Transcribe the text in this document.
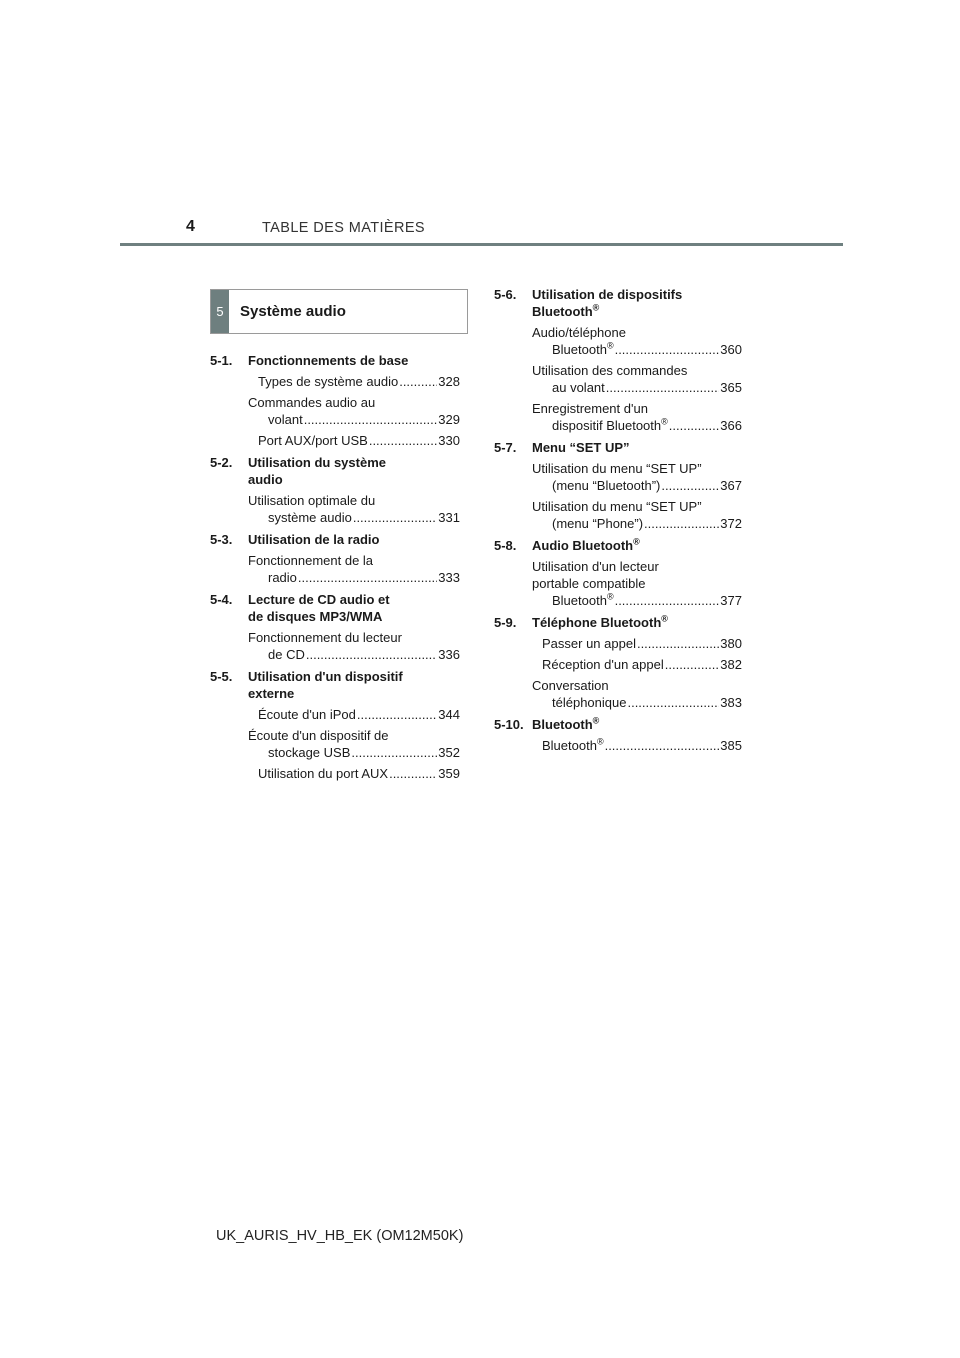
4	TABLE DES MATIÈRES
5	Système audio
5-1.	Fonctionnements de base
Types de système audio .....	328
Commandes audio au
volant .....	329
Port AUX/port USB .....	330
5-2.	Utilisation du système
audio
Utilisation optimale du
système audio .....	331
5-3.	Utilisation de la radio
Fonctionnement de la
radio .....	333
5-4.	Lecture de CD audio et
de disques MP3/WMA
Fonctionnement du lecteur
de CD .....	336
5-5.	Utilisation d'un dispositif
externe
Écoute d'un iPod .....	344
Écoute d'un dispositif de
stockage USB .....	352
Utilisation du port AUX .....	359
5-6.	Utilisation de dispositifs
Bluetooth®
Audio/téléphone
Bluetooth® .....	360
Utilisation des commandes
au volant .....	365
Enregistrement d'un
dispositif Bluetooth® .....	366
5-7.	Menu “SET UP”
Utilisation du menu “SET UP”
(menu “Bluetooth”) .....	367
Utilisation du menu “SET UP”
(menu “Phone”) .....	372
5-8.	Audio Bluetooth®
Utilisation d'un lecteur
portable compatible
Bluetooth® .....	377
5-9.	Téléphone Bluetooth®
Passer un appel .....	380
Réception d'un appel .....	382
Conversation
téléphonique .....	383
5-10. Bluetooth®
Bluetooth® .....	385
UK_AURIS_HV_HB_EK (OM12M50K)
